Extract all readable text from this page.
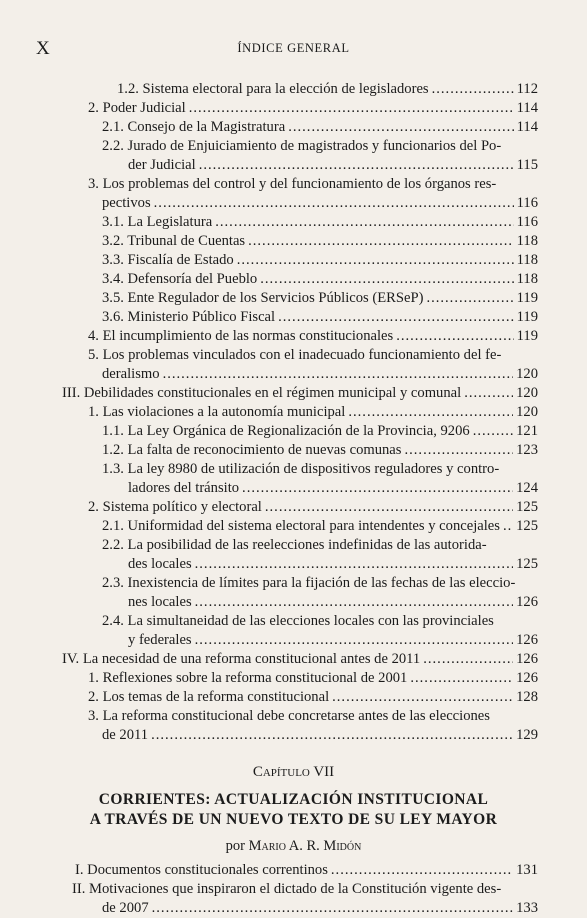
X	ÍNDICE GENERAL
1.2. Sistema electoral para la elección de legisladores .....	112
2. Poder Judicial .....	114
2.1. Consejo de la Magistratura .....	114
2.2. Jurado de Enjuiciamiento de magistrados y funcionarios del Po-
der Judicial .....	115
3. Los problemas del control y del funcionamiento de los órganos res-
pectivos .....	116
3.1. La Legislatura .....	116
3.2. Tribunal de Cuentas .....	118
3.3. Fiscalía de Estado .....	118
3.4. Defensoría del Pueblo .....	118
3.5. Ente Regulador de los Servicios Públicos (ERSeP) .....	119
3.6. Ministerio Público Fiscal .....	119
4. El incumplimiento de las normas constitucionales .....	119
5. Los problemas vinculados con el inadecuado funcionamiento del fe-
deralismo .....	120
III. Debilidades constitucionales en el régimen municipal y comunal .....	120
1. Las violaciones a la autonomía municipal .....	120
1.1. La Ley Orgánica de Regionalización de la Provincia, 9206 .....	121
1.2. La falta de reconocimiento de nuevas comunas .....	123
1.3. La ley 8980 de utilización de dispositivos reguladores y contro-
ladores del tránsito .....	124
2. Sistema político y electoral .....	125
2.1. Uniformidad del sistema electoral para intendentes y concejales ..... 125
2.2. La posibilidad de las reelecciones indefinidas de las autorida-
des locales .....	125
2.3. Inexistencia de límites para la fijación de las fechas de las eleccio-
nes locales .....	126
2.4. La simultaneidad de las elecciones locales con las provinciales
y federales .....	126
IV. La necesidad de una reforma constitucional antes de 2011 .....	126
1. Reflexiones sobre la reforma constitucional de 2001 .....	126
2. Los temas de la reforma constitucional .....	128
3. La reforma constitucional debe concretarse antes de las elecciones
de 2011 .....	129
Capítulo VII
CORRIENTES: ACTUALIZACIÓN INSTITUCIONAL
A TRAVÉS DE UN NUEVO TEXTO DE SU LEY MAYOR
por Mario A. R. Midón
I. Documentos constitucionales correntinos .....	131
II. Motivaciones que inspiraron el dictado de la Constitución vigente des-
de 2007 .....	133
